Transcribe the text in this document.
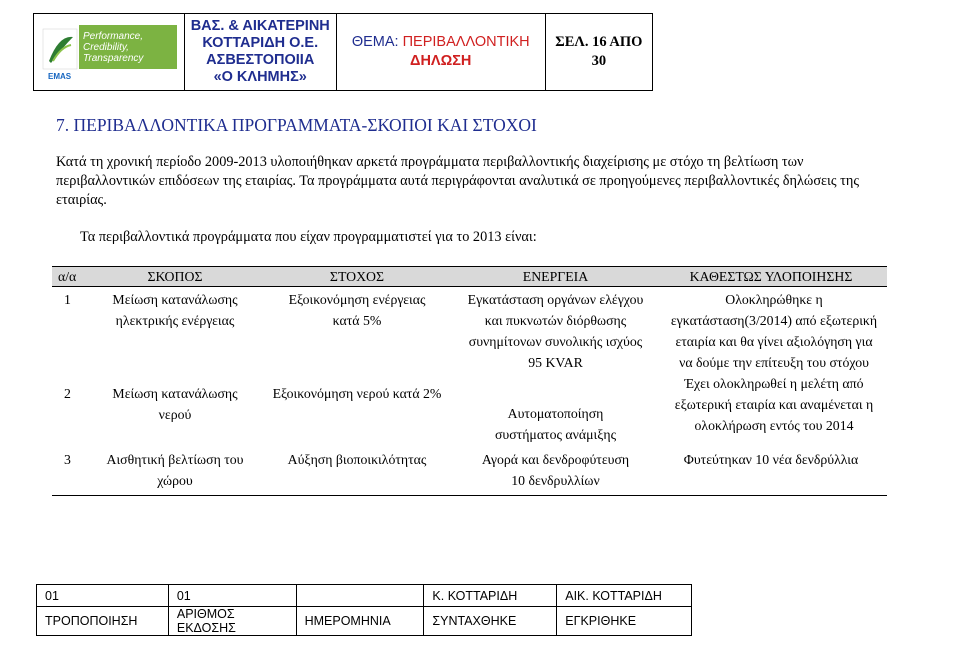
Performance,
Credibility,
Transparency
EMAS

ΒΑΣ. & ΑΙΚΑΤΕΡΙΝΗ
ΚΟΤΤΑΡΙΔΗ Ο.Ε.
ΑΣΒΕΣΤΟΠΟΙΙΑ
«Ο ΚΛΗΜΗΣ»

ΘΕΜΑ: ΠΕΡΙΒΑΛΛΟΝΤΙΚΗ
ΔΗΛΩΣΗ

ΣΕΛ. 16 ΑΠΟ
30
7. ΠΕΡΙΒΑΛΛΟΝΤΙΚΑ ΠΡΟΓΡΑΜΜΑΤΑ-ΣΚΟΠΟΙ ΚΑΙ ΣΤΟΧΟΙ
Κατά τη χρονική περίοδο 2009-2013 υλοποιήθηκαν αρκετά προγράμματα περιβαλλοντικής διαχείρισης με στόχο τη βελτίωση των περιβαλλοντικών επιδόσεων της εταιρίας. Τα προγράμματα αυτά περιγράφονται αναλυτικά σε προηγούμενες περιβαλλοντικές δηλώσεις της εταιρίας.
Τα περιβαλλοντικά προγράμματα που είχαν προγραμματιστεί για το 2013 είναι:
α/α	ΣΚΟΠΟΣ	ΣΤΟΧΟΣ	ΕΝΕΡΓΕΙΑ	ΚΑΘΕΣΤΩΣ ΥΛΟΠΟΙΗΣΗΣ
1	Μείωση κατανάλωσης ηλεκτρικής ενέργειας	Εξοικονόμηση ενέργειας κατά 5%	Εγκατάσταση οργάνων ελέγχου και πυκνωτών διόρθωσης συνημίτονων συνολικής ισχύος 95 KVAR	Ολοκληρώθηκε η εγκατάσταση(3/2014) από εξωτερική εταιρία και θα γίνει αξιολόγηση για να δούμε την επίτευξη του στόχου
2	Μείωση κατανάλωσης νερού	Εξοικονόμηση νερού κατά 2%	Αυτοματοποίηση συστήματος ανάμιξης	Έχει ολοκληρωθεί η μελέτη από εξωτερική εταιρία και αναμένεται η ολοκλήρωση εντός του 2014
3	Αισθητική βελτίωση του χώρου	Αύξηση βιοποικιλότητας	Αγορά και δενδροφύτευση 10 δενδρυλλίων	Φυτεύτηκαν 10 νέα δενδρύλλια
01	01		Κ. ΚΟΤΤΑΡΙΔΗ	ΑΙΚ. ΚΟΤΤΑΡΙΔΗ
ΤΡΟΠΟΠΟΙΗΣΗ	ΑΡΙΘΜΟΣ ΕΚΔΟΣΗΣ	ΗΜΕΡΟΜΗΝΙΑ	ΣΥΝΤΑΧΘΗΚΕ	ΕΓΚΡΙΘΗΚΕ
